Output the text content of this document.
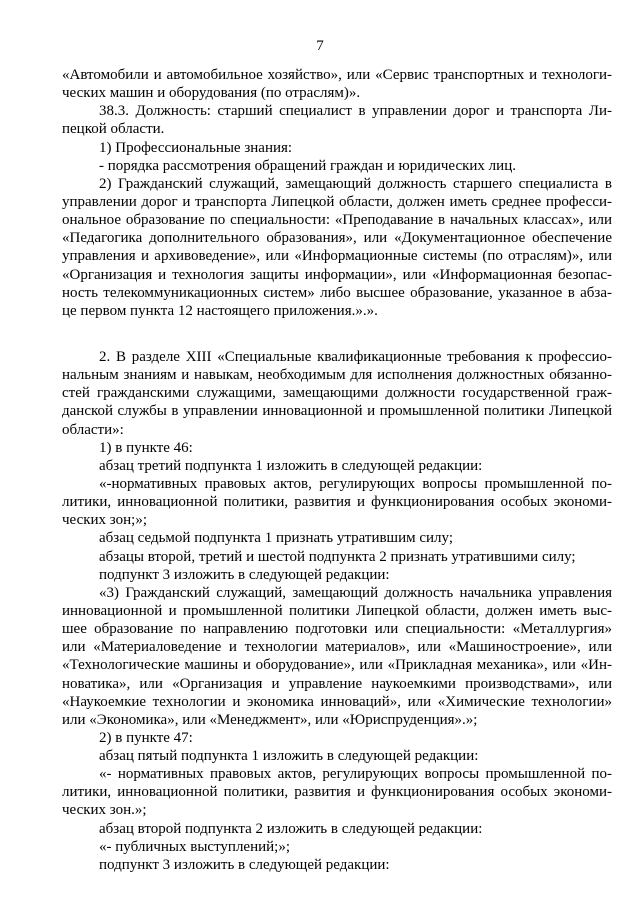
7
«Автомобили и автомобильное хозяйство», или «Сервис транспортных и технологи-
ческих машин и оборудования (по отраслям)».
38.3. Должность: старший специалист в управлении дорог и транспорта Ли-
пецкой области.
1) Профессиональные знания:
- порядка рассмотрения обращений граждан и юридических лиц.
2) Гражданский служащий, замещающий должность старшего специалиста в
управлении дорог и транспорта Липецкой области, должен иметь среднее професси-
ональное образование по специальности: «Преподавание в начальных классах», или
«Педагогика дополнительного образования», или «Документационное обеспечение
управления и архивоведение», или «Информационные системы (по отраслям)», или
«Организация и технология защиты информации», или «Информационная безопас-
ность телекоммуникационных систем» либо высшее образование, указанное в абза-
це первом пункта 12 настоящего приложения.».».
2. В разделе XIII «Специальные квалификационные требования к профессио-
нальным знаниям и навыкам, необходимым для исполнения должностных обязанно-
стей гражданскими служащими, замещающими должности государственной граж-
данской службы в управлении инновационной и промышленной политики Липецкой
области»:
1) в пункте 46:
абзац третий подпункта 1 изложить в следующей редакции:
«-нормативных правовых актов, регулирующих вопросы промышленной по-
литики, инновационной политики, развития и функционирования особых экономи-
ческих зон;»;
абзац седьмой подпункта 1 признать утратившим силу;
абзацы второй, третий и шестой подпункта 2 признать утратившими силу;
подпункт 3 изложить в следующей редакции:
«3) Гражданский служащий, замещающий должность начальника управления
инновационной и промышленной политики Липецкой области, должен иметь выс-
шее образование по направлению подготовки или специальности: «Металлургия»
или «Материаловедение и технологии материалов», или «Машиностроение», или
«Технологические машины и оборудование», или «Прикладная механика», или «Ин-
новатика», или «Организация и управление наукоемкими производствами», или
«Наукоемкие технологии и экономика инноваций», или «Химические технологии»
или «Экономика», или «Менеджмент», или «Юриспруденция».»;
2) в пункте 47:
абзац пятый подпункта 1 изложить в следующей редакции:
«- нормативных правовых актов, регулирующих вопросы промышленной по-
литики, инновационной политики, развития и функционирования особых экономи-
ческих зон.»;
абзац второй подпункта 2 изложить в следующей редакции:
«- публичных выступлений;»;
подпункт 3 изложить в следующей редакции:
